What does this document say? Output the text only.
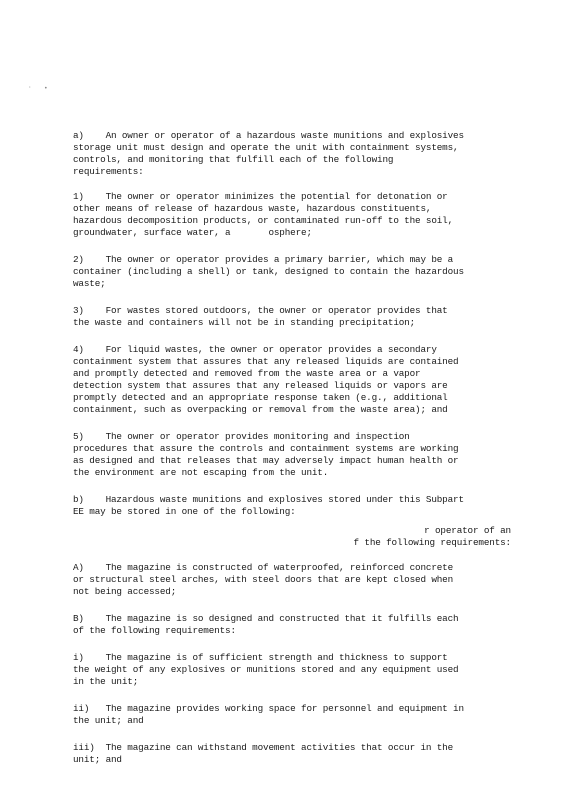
· •

a)    An owner or operator of a hazardous waste munitions and explosives
storage unit must design and operate the unit with containment systems,
controls, and monitoring that fulfill each of the following
requirements:

1)    The owner or operator minimizes the potential for detonation or
other means of release of hazardous waste, hazardous constituents,
hazardous decomposition products, or contaminated run-off to the soil,
groundwater, surface water, a       osphere;

2)    The owner or operator provides a primary barrier, which may be a
container (including a shell) or tank, designed to contain the hazardous
waste;

3)    For wastes stored outdoors, the owner or operator provides that
the waste and containers will not be in standing precipitation;

4)    For liquid wastes, the owner or operator provides a secondary
containment system that assures that any released liquids are contained
and promptly detected and removed from the waste area or a vapor
detection system that assures that any released liquids or vapors are
promptly detected and an appropriate response taken (e.g., additional
containment, such as overpacking or removal from the waste area); and

5)    The owner or operator provides monitoring and inspection
procedures that assure the controls and containment systems are working
as designed and that releases that may adversely impact human health or
the environment are not escaping from the unit.

b)    Hazardous waste munitions and explosives stored under this Subpart
EE may be stored in one of the following:

r operator of an

f the following requirements:

A)    The magazine is constructed of waterproofed, reinforced concrete
or structural steel arches, with steel doors that are kept closed when
not being accessed;

B)    The magazine is so designed and constructed that it fulfills each
of the following requirements:

i)    The magazine is of sufficient strength and thickness to support
the weight of any explosives or munitions stored and any equipment used
in the unit;

ii)   The magazine provides working space for personnel and equipment in
the unit; and

iii)  The magazine can withstand movement activities that occur in the
unit; and
